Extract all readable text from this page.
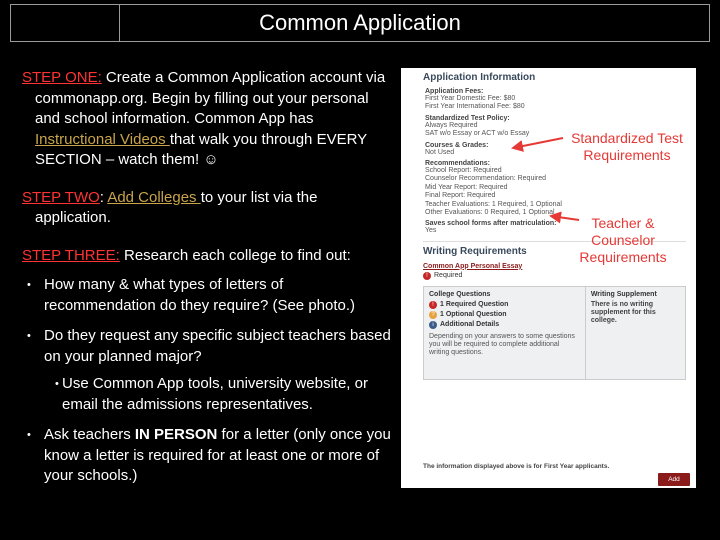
Common Application

STEP ONE: Create a Common Application account via commonapp.org. Begin by filling out your personal and school information. Common App has Instructional Videos that walk you through EVERY SECTION – watch them! ☺

STEP TWO: Add Colleges to your list via the application.

STEP THREE: Research each college to find out:

• How many & what types of letters of recommendation do they require? (See photo.)
• Do they request any specific subject teachers based on your planned major?
• Use Common App tools, university website, or email the admissions representatives.
• Ask teachers IN PERSON for a letter (only once you know a letter is required for at least one or more of your schools.)
Application Information
Application Fees:
First Year Domestic Fee: $80
First Year International Fee: $80
Standardized Test Policy:
Always Required
SAT w/o Essay or ACT w/o Essay
Courses & Grades:
Not Used
Recommendations:
School Report: Required
Counselor Recommendation: Required
Mid Year Report: Required
Final Report: Required
Teacher Evaluations: 1 Required, 1 Optional
Other Evaluations: 0 Required, 1 Optional
Saves school forms after matriculation:
Yes
Writing Requirements
Common App Personal Essay
! Required
College Questions
! 1 Required Question
? 1 Optional Question
i Additional Details
Depending on your answers to some questions you will be required to complete additional writing questions.
Writing Supplement
There is no writing supplement for this college.
The information displayed above is for First Year applicants.
Add
Standardized Test Requirements
Teacher & Counselor Requirements
